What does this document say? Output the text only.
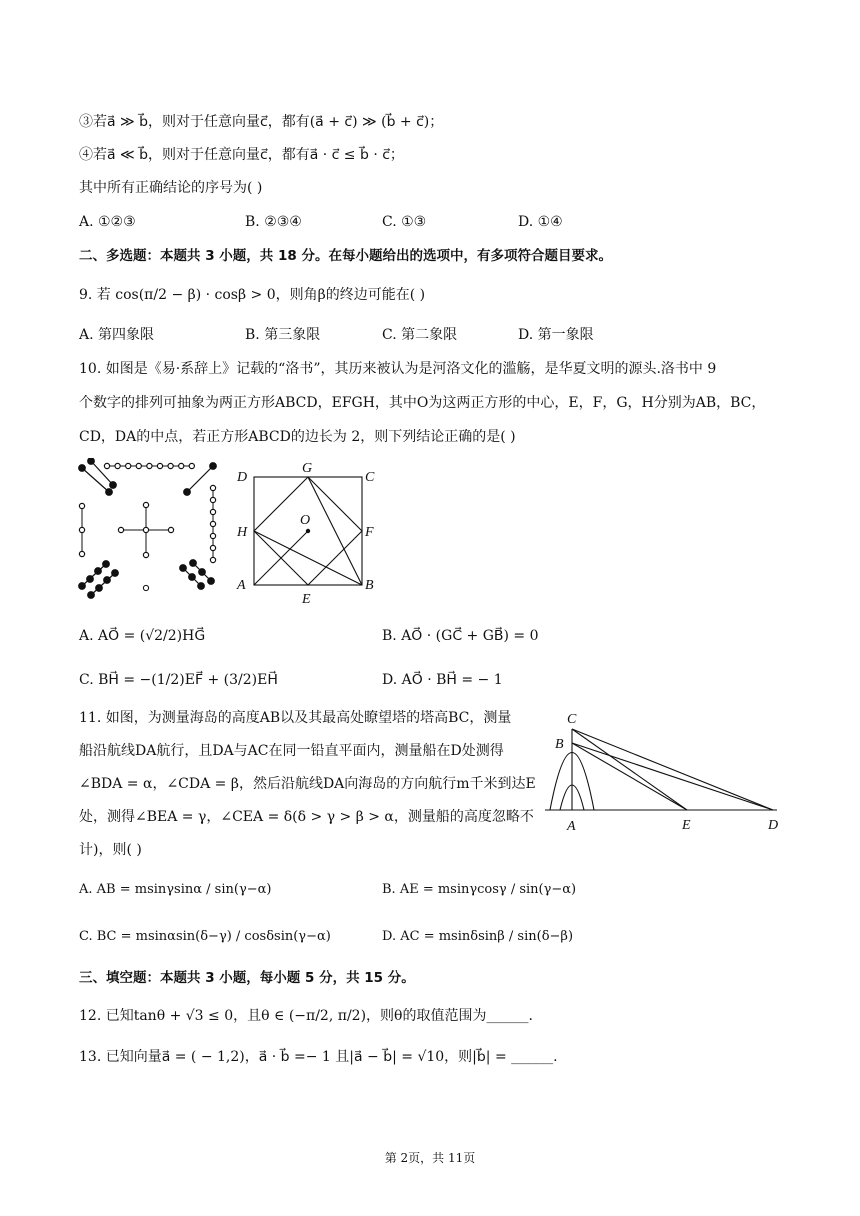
③若a⃗ ≫ b⃗，则对于任意向量c⃗，都有(a⃗ + c⃗) ≫ (b⃗ + c⃗)；
④若a⃗ ≪ b⃗，则对于任意向量c⃗，都有a⃗ · c⃗ ≤ b⃗ · c⃗；
其中所有正确结论的序号为( )
A. ①②③	B. ②③④	C. ①③	D. ①④
二、多选题：本题共 3 小题，共 18 分。在每小题给出的选项中，有多项符合题目要求。
9. 若 cos(π/2 − β) · cosβ > 0，则角β的终边可能在( )
A. 第四象限	B. 第三象限	C. 第二象限	D. 第一象限
10. 如图是《易·系辞上》记载的“洛书”，其历来被认为是河洛文化的滥觞，是华夏文明的源头.洛书中 9
个数字的排列可抽象为两正方形ABCD，EFGH，其中O为这两正方形的中心，E，F，G，H分别为AB，BC，
CD，DA的中点，若正方形ABCD的边长为 2，则下列结论正确的是( )
D
G
C
H
O
F
A
E
B
A. AO⃗ = (√2/2)HG⃗	B. AO⃗ · (GC⃗ + GB⃗) = 0
C. BH⃗ = −(1/2)EF⃗ + (3/2)EH⃗	D. AO⃗ · BH⃗ = − 1
11. 如图，为测量海岛的高度AB以及其最高处瞭望塔的塔高BC，测量
船沿航线DA航行，且DA与AC在同一铅直平面内，测量船在D处测得
∠BDA = α，∠CDA = β，然后沿航线DA向海岛的方向航行m千米到达E
处，测得∠BEA = γ，∠CEA = δ(δ > γ > β > α，测量船的高度忽略不
计)，则( )
C
B
A	E	D
A. AB = msinγsinα / sin(γ−α)	B. AE = msinγcosγ / sin(γ−α)
C. BC = msinαsin(δ−γ) / cosδsin(γ−α)	D. AC = msinδsinβ / sin(δ−β)
三、填空题：本题共 3 小题，每小题 5 分，共 15 分。
12. 已知tanθ + √3 ≤ 0，且θ ∈ (−π/2, π/2)，则θ的取值范围为______.
13. 已知向量a⃗ = ( − 1,2)，a⃗ · b⃗ =− 1 且|a⃗ − b⃗| = √10，则|b⃗| = ______.
第 2页，共 11页
